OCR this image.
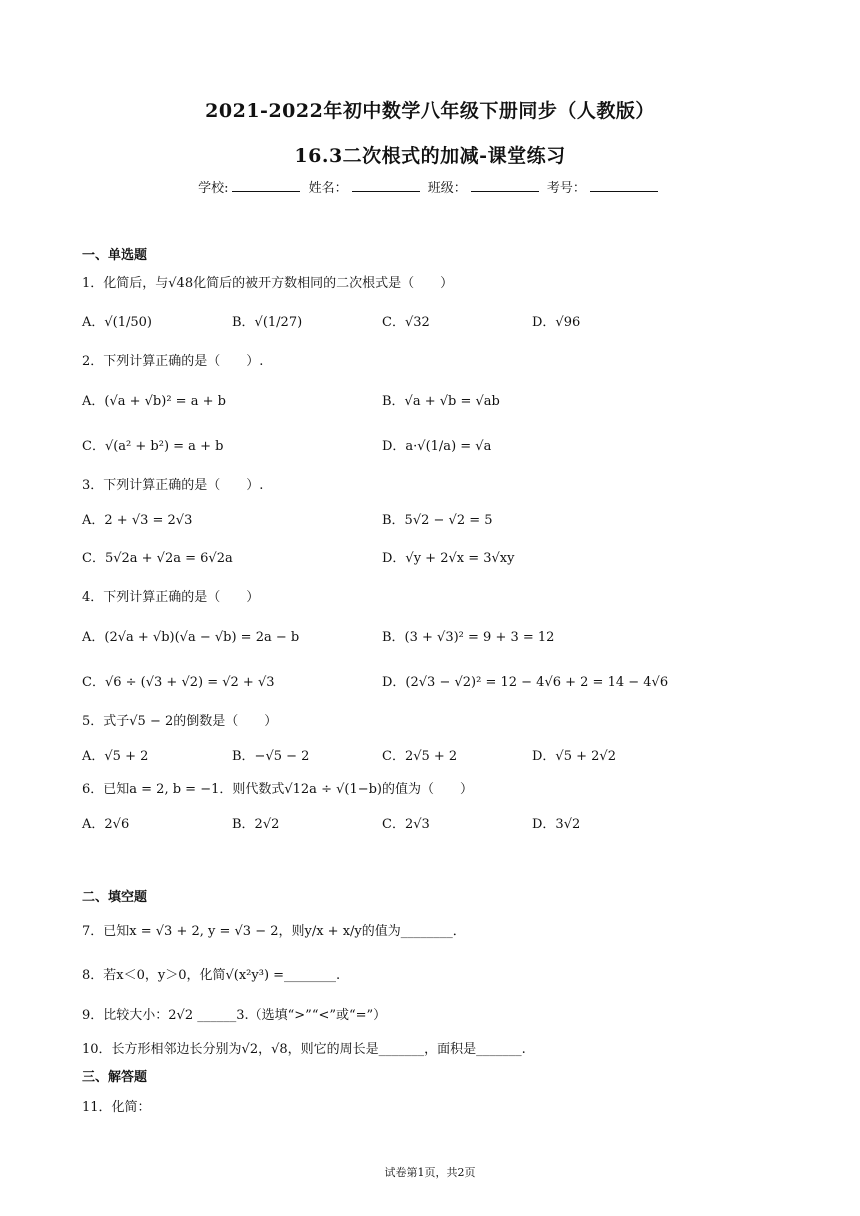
2021-2022年初中数学八年级下册同步（人教版）
16.3二次根式的加减-课堂练习
学校:	姓名：	班级：	考号：
一、单选题
1．化简后，与√48化简后的被开方数相同的二次根式是（　　）
A．√(1/50)	B．√(1/27)	C．√32	D．√96
2．下列计算正确的是（　　）.
A．(√a + √b)² = a + b	B．√a + √b = √ab
C．√(a² + b²) = a + b	D．a·√(1/a) = √a
3．下列计算正确的是（　　）.
A．2 + √3 = 2√3	B．5√2 − √2 = 5
C．5√2a + √2a = 6√2a	D．√y + 2√x = 3√xy
4．下列计算正确的是（　　）
A．(2√a + √b)(√a − √b) = 2a − b	B．(3 + √3)² = 9 + 3 = 12
C．√6 ÷ (√3 + √2) = √2 + √3	D．(2√3 − √2)² = 12 − 4√6 + 2 = 14 − 4√6
5．式子√5 − 2的倒数是（　　）
A．√5 + 2	B．−√5 − 2	C．2√5 + 2	D．√5 + 2√2
6．已知a = 2, b = −1．则代数式√12a ÷ √(1−b)的值为（　　）
A．2√6	B．2√2	C．2√3	D．3√2
二、填空题
7．已知x = √3 + 2, y = √3 − 2，则y/x + x/y的值为________．
8．若x＜0，y＞0，化简√(x²y³) =________.
9．比较大小：2√2 ______3.（选填“>”“<”或“=”）
10．长方形相邻边长分别为√2，√8，则它的周长是_______，面积是_______.
三、解答题
11．化简：
试卷第1页，共2页
